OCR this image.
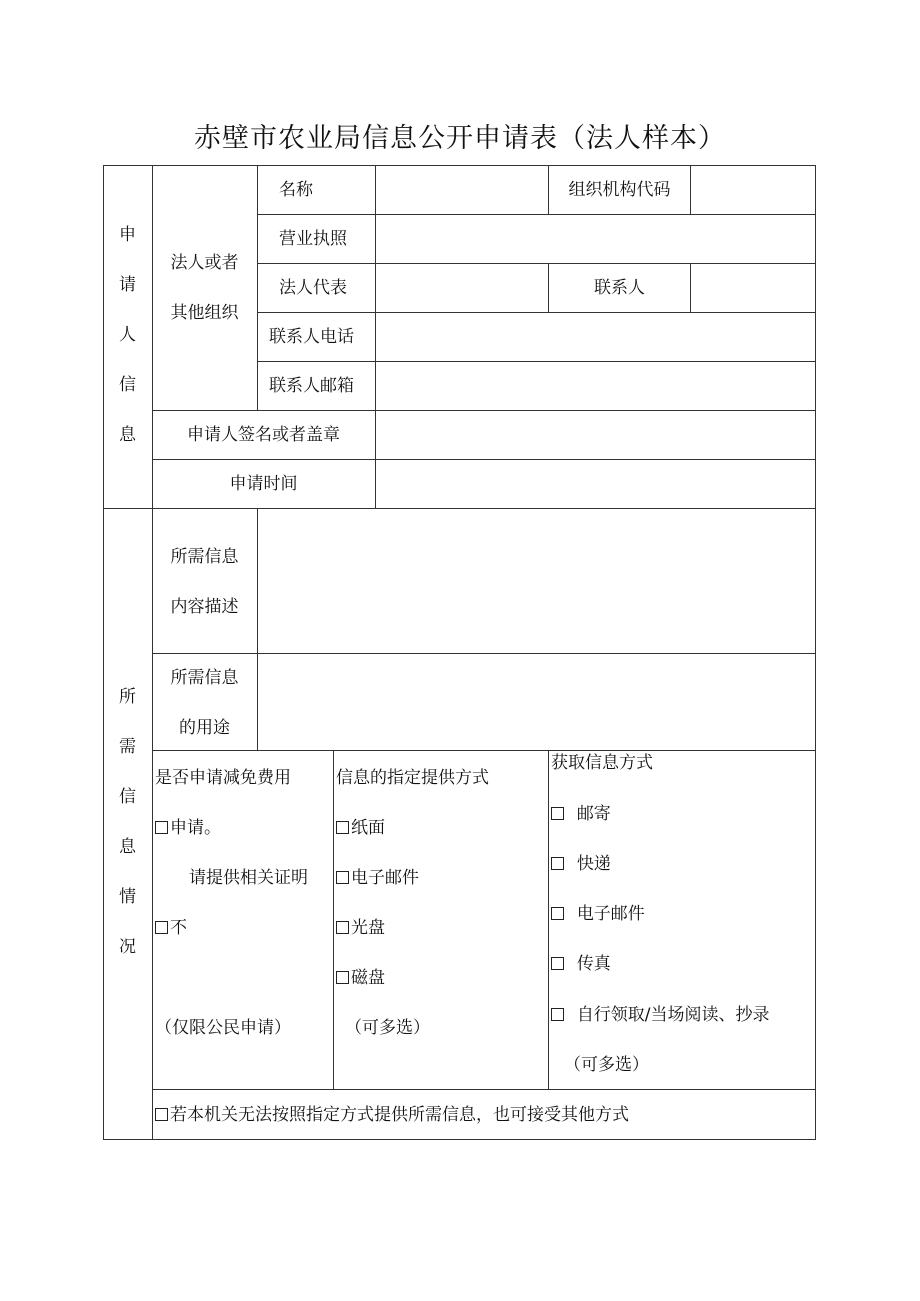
赤壁市农业局信息公开申请表（法人样本）
申请人信息
所需信息情况
法人或者
其他组织
名称	组织机构代码
营业执照
法人代表	联系人
联系人电话
联系人邮箱
申请人签名或者盖章
申请时间
所需信息
内容描述
所需信息
的用途
是否申请减免费用
申请。
请提供相关证明
不
（仅限公民申请）
信息的指定提供方式
纸面
电子邮件
光盘
磁盘
（可多选）
获取信息方式
邮寄
快递
电子邮件
传真
自行领取/当场阅读、抄录
（可多选）
若本机关无法按照指定方式提供所需信息，也可接受其他方式
